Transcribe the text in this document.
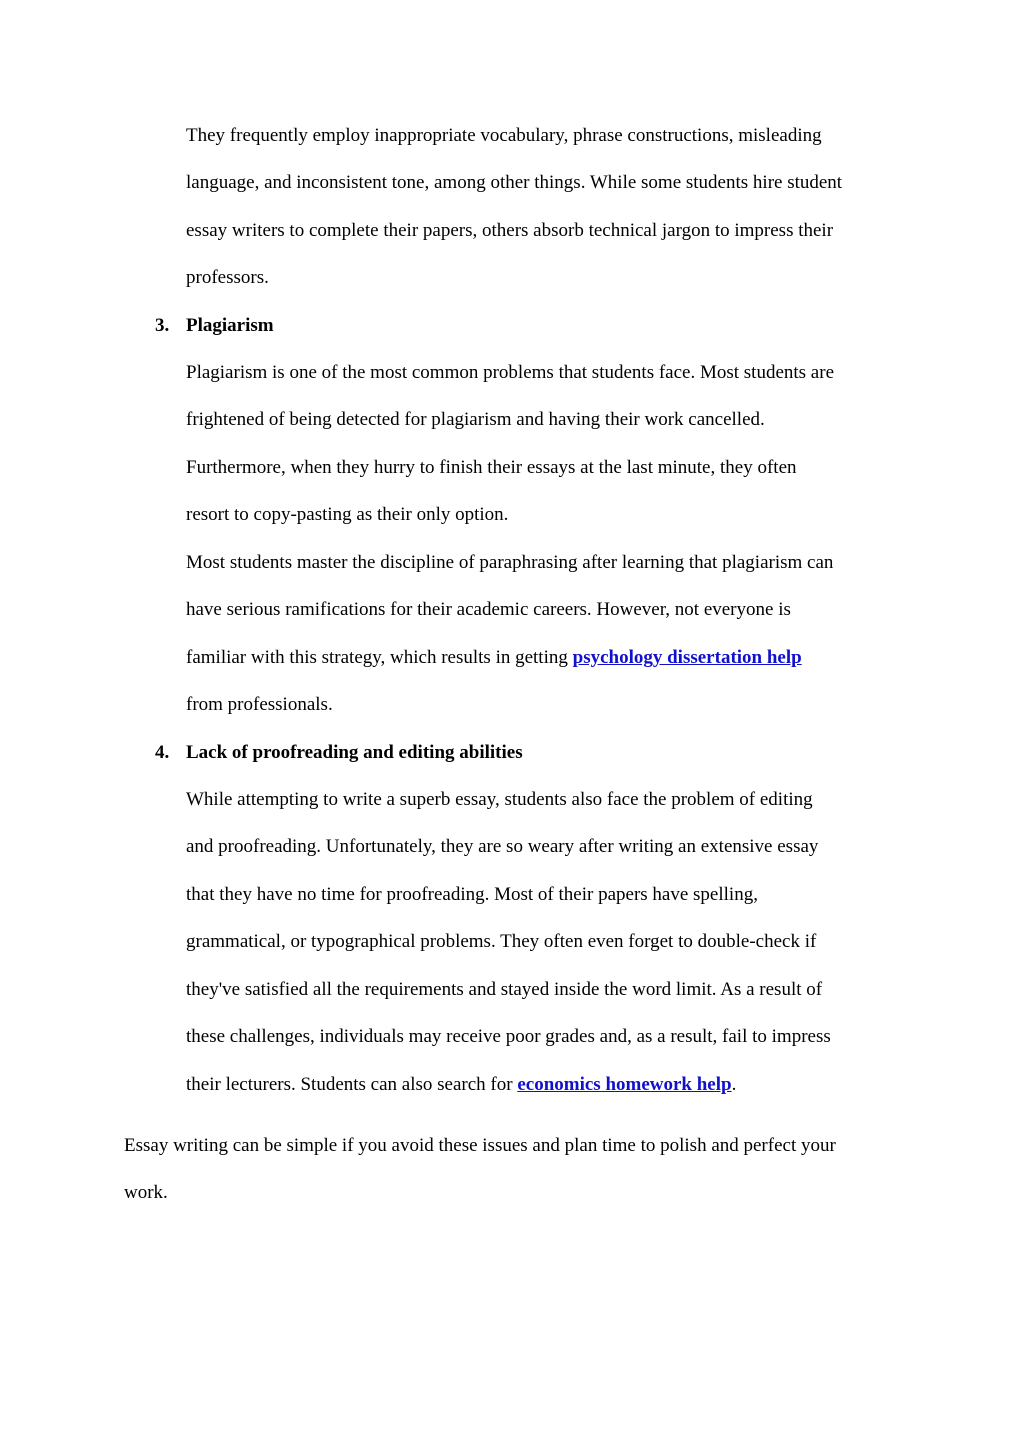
They frequently employ inappropriate vocabulary, phrase constructions, misleading
language, and inconsistent tone, among other things. While some students hire student
essay writers to complete their papers, others absorb technical jargon to impress their
professors.
3. Plagiarism
Plagiarism is one of the most common problems that students face. Most students are
frightened of being detected for plagiarism and having their work cancelled.
Furthermore, when they hurry to finish their essays at the last minute, they often
resort to copy-pasting as their only option.
Most students master the discipline of paraphrasing after learning that plagiarism can
have serious ramifications for their academic careers. However, not everyone is
familiar with this strategy, which results in getting psychology dissertation help
from professionals.
4. Lack of proofreading and editing abilities
While attempting to write a superb essay, students also face the problem of editing
and proofreading. Unfortunately, they are so weary after writing an extensive essay
that they have no time for proofreading. Most of their papers have spelling,
grammatical, or typographical problems. They often even forget to double-check if
they've satisfied all the requirements and stayed inside the word limit. As a result of
these challenges, individuals may receive poor grades and, as a result, fail to impress
their lecturers. Students can also search for economics homework help.
Essay writing can be simple if you avoid these issues and plan time to polish and perfect your
work.
